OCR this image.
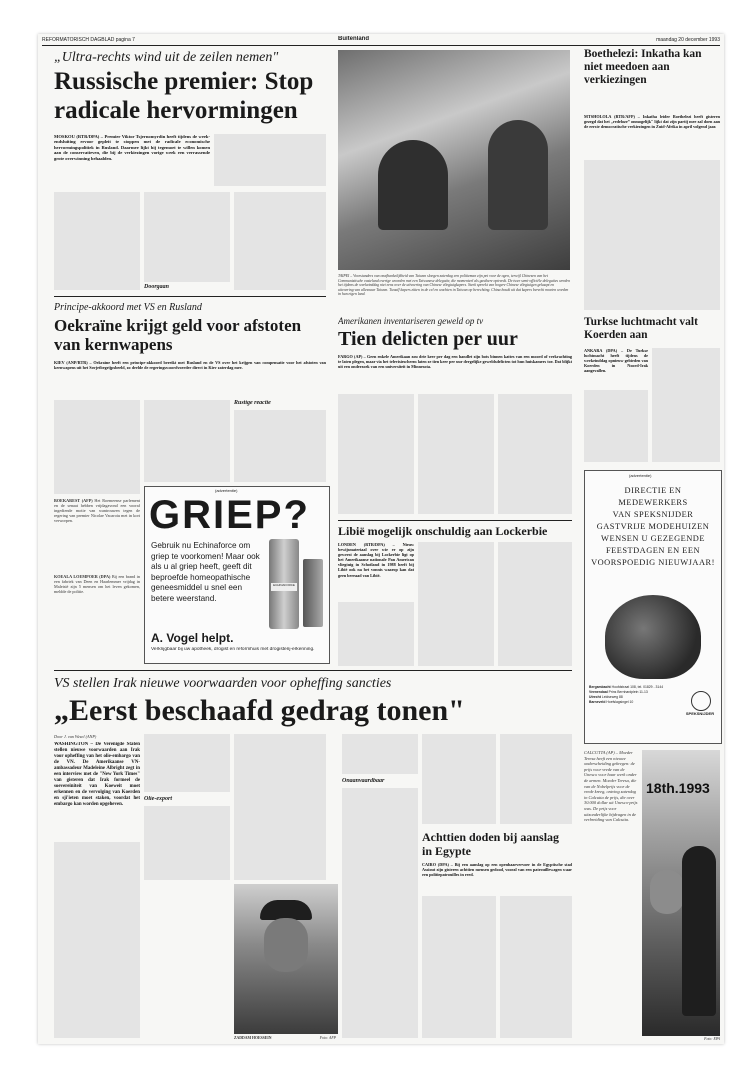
REFORMATORISCH DAGBLAD pagina 7	Buitenland	maandag 20 december 1993
„Ultra-rechts wind uit de zeilen nemen"
Russische premier: Stop radicale hervormingen
MOSKOU (RTR/DPA) – Premier Viktor Tsjernomyrdin heeft tijdens de week-endsluiting ervoor gepleit te stoppen met de radicale economische hervormingspolitiek in Rusland. Daarmee lijkt hij tegemoet te willen komen aan de conservatieven, die bij de verkiezingen vorige week een verrassende grote overwinning behaalden.
Doorgaan
TAIPEI – Voorstanders van onafhankelijkheid van Taiwan sloegen zaterdag een politieman zijn pet voor de ogen, terwijl Chinezen van het Communistische vasteland overige woorden met een Taiwanese delegatie, die momenteel als gasthere optreedt. De twee semi-officiële delegaties werden het tijdens de weekeinddag niet eens over de uitvoering van Chinese vliegtuigkapers. Steek spreekt van hogere Chinese vliegtuigen gekaapt en uitvoering van allesnaar Taiwan. Twaalf kapers zitten in de cel en wachten in Taiwan op berechting. China houdt uit dat kapers berecht moeten worden in hun eigen land.
Boethelezi: Inkatha kan niet meedoen aan verkiezingen
MTSHOLOLA (RTR/AFP) – Inkatha leider Boethelezi heeft gisteren gezegd dat het „redeloze‟ onmogelijk" lijkt dat zijn partij mee zal doen aan de eerste democratische verkiezingen in Zuid-Afrika in april volgend jaar.
Principe-akkoord met VS en Rusland
Oekraïne krijgt geld voor afstoten van kernwapens
KIEV (ANP/RTR) – Oekraïne heeft een principe-akkoord bereikt met Rusland en de VS over het krijgen van compensatie voor het afstoten van kernwapens uit het Sovjetbegrijpsbeeld, zo deelde de regeringswoordvoerder direct in Kiev zaterdag mee.
Rustige reactie
BOEKAREST (AFP) Het Roemeense parlement en de senaat hebben vrijdagavond een vooraf ingediende motie van wantrouwen tegen de regering van premier Nicolae Vacaroiu met in kort verworpen.
KOEALA LOEMPOER (DPA) Bij een brand in een fabriek van Deen en Haarlemmer vrijdag in Maleisië zijn 5 mensen om het leven gekomen, meldde de politie.
(advertentie)
GRIEP?
Gebruik nu Echinaforce om griep te voorkomen! Maar ook als u al griep heeft, geeft dit beproefde homeopathische geneesmiddel u snel een betere weerstand.
ECHINAFORCE
A. Vogel helpt.
Verkrijgbaar bij uw apotheek, drogist en reformhuis met drogisterij-erkenning.
Amerikanen inventariseren geweld op tv
Tien delicten per uur
FARGO (AP) – Geen enkele Amerikaan zou drie keer per dag een handlet zijn bots binnen kattes van een moord of verkrachting te laten plegen, maar via het televisiescherm laten ze tien keer per uur dergelijke geweldsdelicten tot hun huiskamers toe. Dat blijkt uit een onderzoek van een universiteit in Minnesota.
Turkse luchtmacht valt Koerden aan
ANKARA (DPA) – De Turkse luchtmacht heeft tijdens de weekeinddag opnieuw gebieden van Koerden in Noord-Irak aangevallen.
Libië mogelijk onschuldig aan Lockerbie
LONDEN (RTR/DPA) – Nieuw bewijsmateriaal over wie er op zijn geweest de aanslag bij Lockerbie ligt op het Amerikaanse nationale Pan American vliegtuig in Schotland in 1988 heeft bij Libië ook na het vonnis waarop kan dat geen bereaad van Libië.
(advertentie)
DIRECTIE EN MEDEWERKERS
VAN SPEKSNIJDER
GASTVRIJE MODEHUIZEN
WENSEN U GEZEGENDE
FEESTDAGEN EN EEN
VOORSPOEDIG NIEUWJAAR!
Bergambacht Hoofdstraat 108, tel. 01829 - 3144
Veenendaal Prins Bernhardplein 11-13
Utrecht Leidseweg 88
Barneveld Hoefslagsingel 10
SPEKSNIJDER
VS stellen Irak nieuwe voorwaarden voor opheffing sancties
„Eerst beschaafd gedrag tonen"
Door J. van Wezel (ANP)
WASHINGTON – De Verenigde Staten stellen nieuwe voorwaarden aan Irak voor opheffing van het olie-embargo van de VN. De Amerikaanse VN-ambassadeur Madeleine Albright zegt in een interview met de "New York Times" van gisteren dat Irak formeel de soevereiniteit van Koeweit moet erkennen en de vervolging van Koerden en sji'ieten moet staken, voordat het embargo kan worden opgeheven.
Olie-export
ZADDAM HOESSEIN	Foto: AFP
Onaanvaardbaar
Achttien doden bij aanslag in Egypte
CAIRO (DPA) – Bij een aanslag op een openbaarvervoer in de Egyptische stad Assiout zijn gisteren achttien mensen gedood, vooral van een patrouillewagen waar een politiepatrouilles in reed.
CALCUTTA (AP) – Moeder Teresa heeft een nieuwe onderscheiding gekregen: de prijs voor vrede van de Unesco voor haar werk onder de armen. Moeder Teresa, die van de Nobelprijs voor de vrede kreeg, ontving zaterdag in Calcutta de prijs, die over 30.000 dollar uit Unesco-prijs was. De prijs voor uitzonderlijke bijdragen in de verbreiding van Calcutta.
18th.1993
Foto: EPA
